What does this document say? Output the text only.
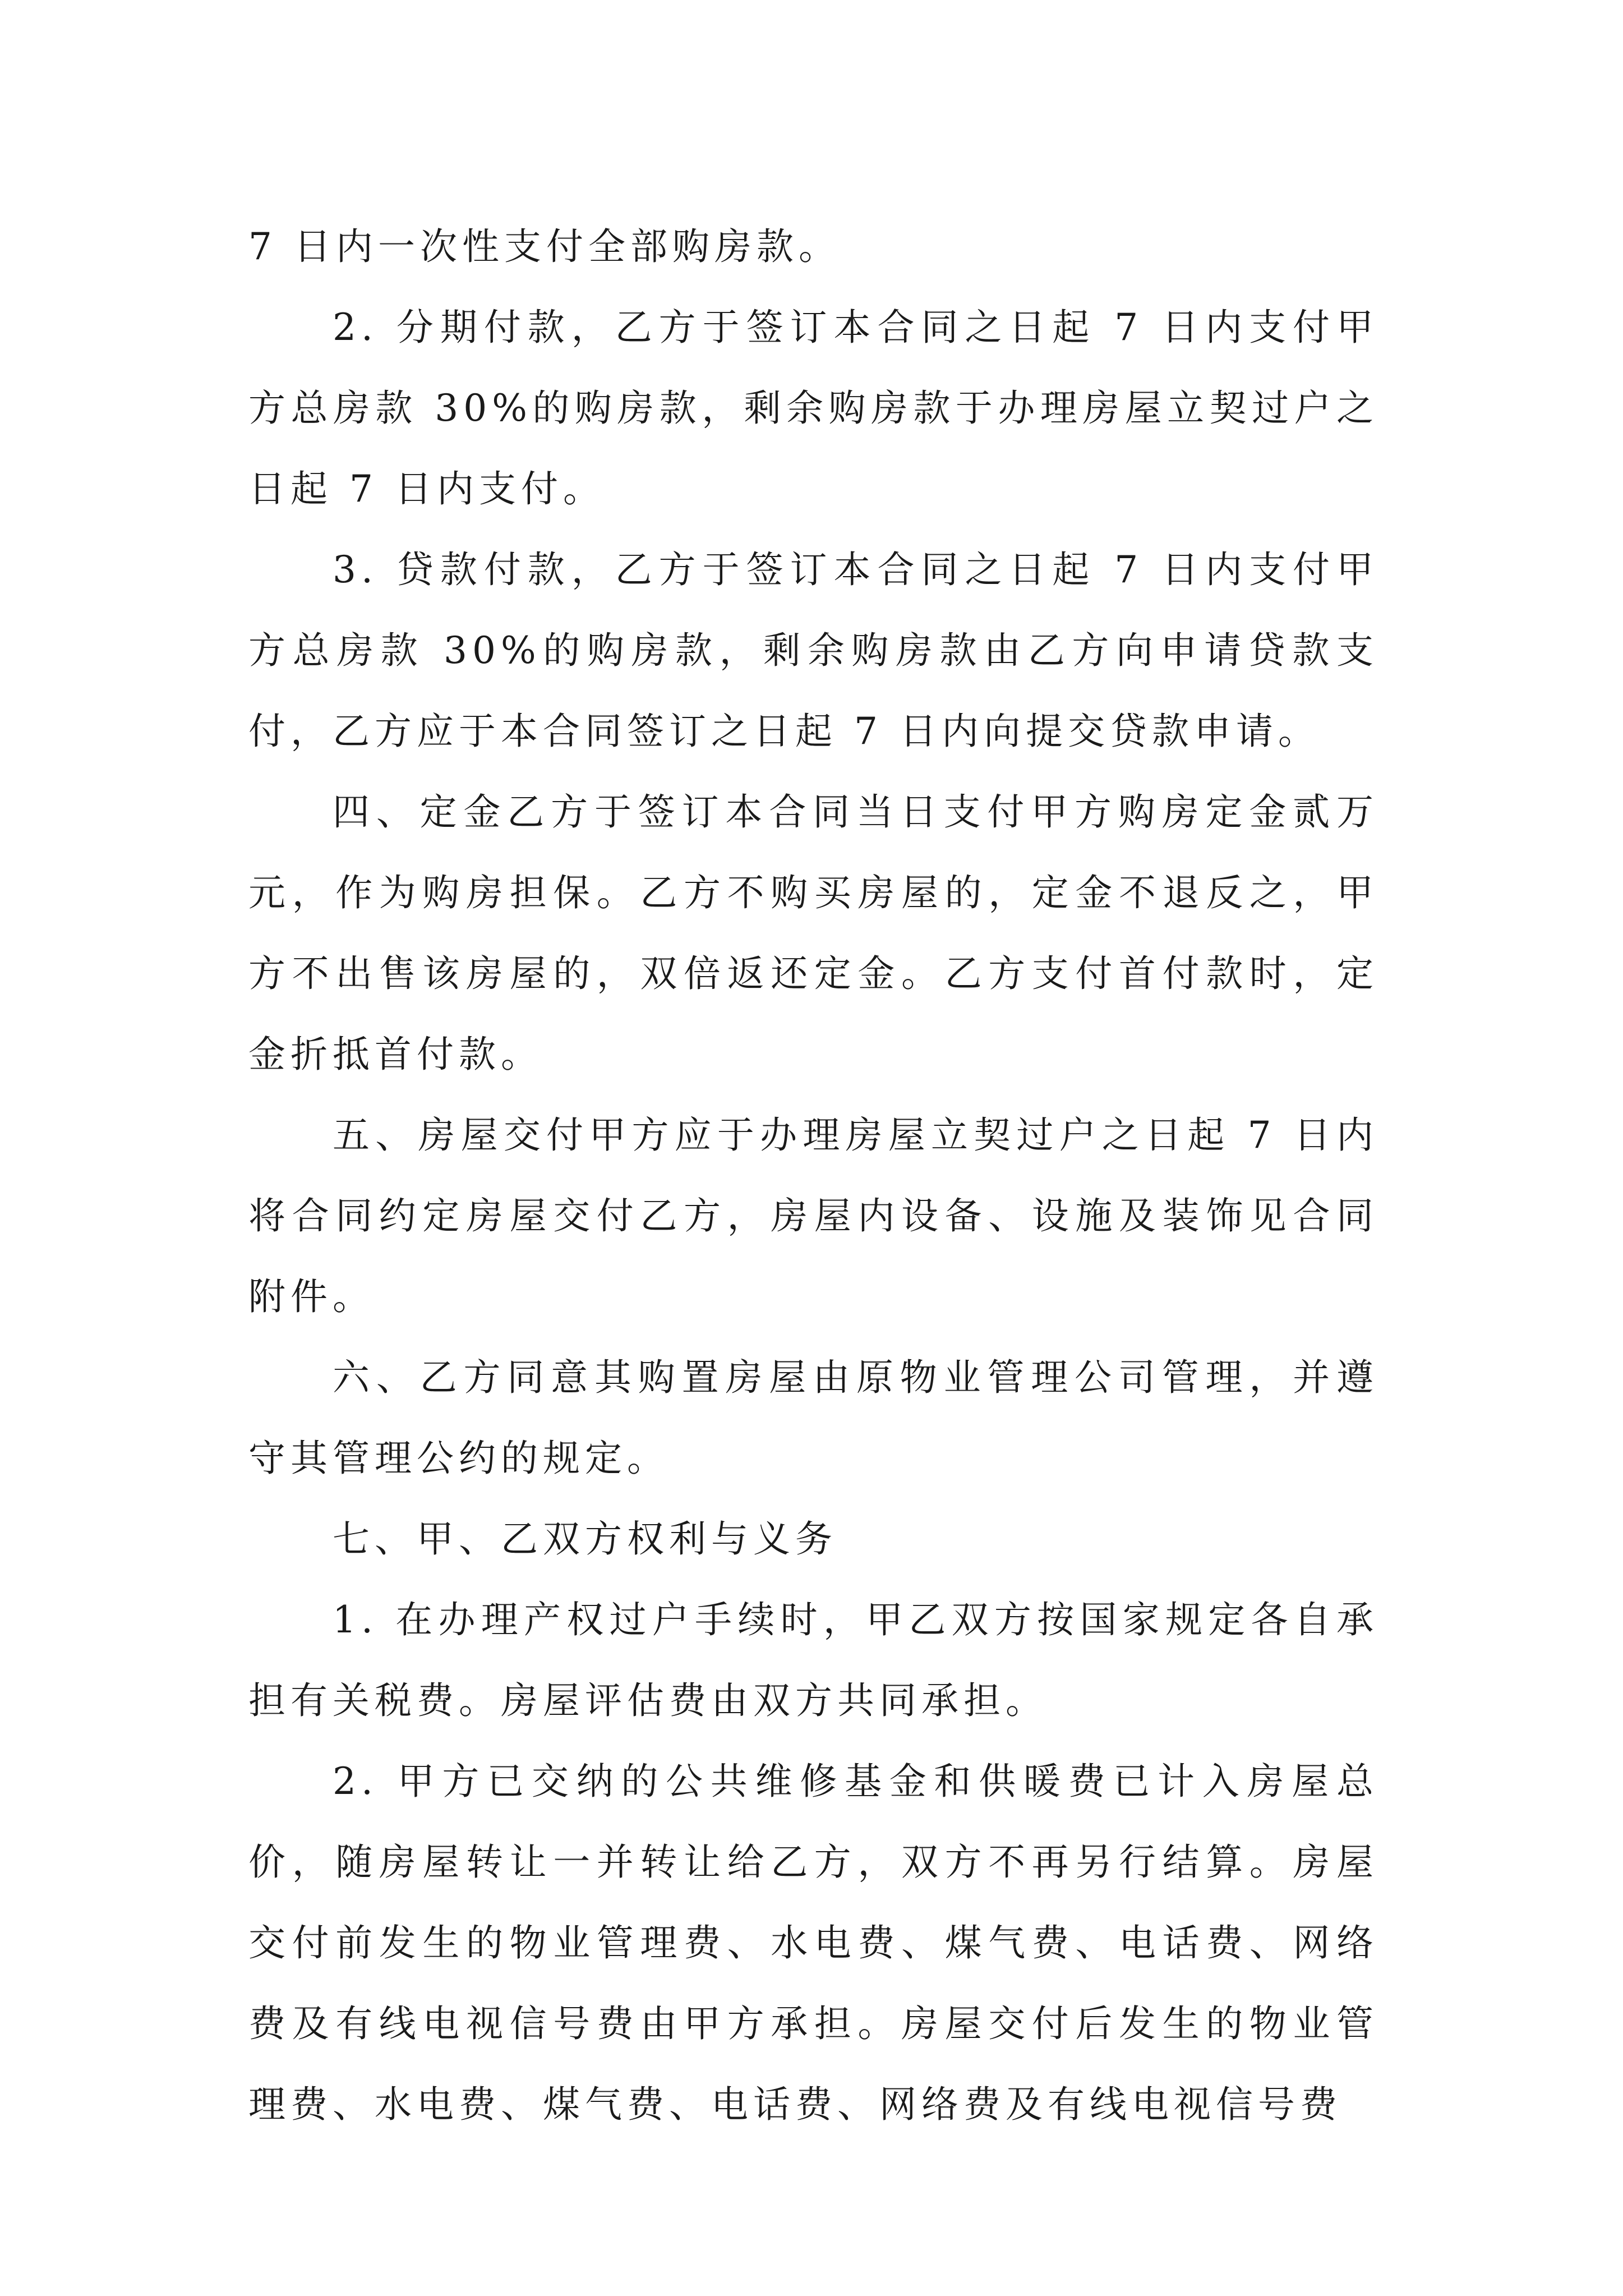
7 日内一次性支付全部购房款。

2. 分期付款，乙方于签订本合同之日起 7 日内支付甲方总房款 30%的购房款，剩余购房款于办理房屋立契过户之日起 7 日内支付。

3. 贷款付款，乙方于签订本合同之日起 7 日内支付甲方总房款 30%的购房款，剩余购房款由乙方向申请贷款支付，乙方应于本合同签订之日起 7 日内向提交贷款申请。

四、定金乙方于签订本合同当日支付甲方购房定金贰万元，作为购房担保。乙方不购买房屋的，定金不退反之，甲方不出售该房屋的，双倍返还定金。乙方支付首付款时，定金折抵首付款。

五、房屋交付甲方应于办理房屋立契过户之日起 7 日内将合同约定房屋交付乙方，房屋内设备、设施及装饰见合同附件。

六、乙方同意其购置房屋由原物业管理公司管理，并遵守其管理公约的规定。

七、甲、乙双方权利与义务

1. 在办理产权过户手续时，甲乙双方按国家规定各自承担有关税费。房屋评估费由双方共同承担。

2. 甲方已交纳的公共维修基金和供暖费已计入房屋总价，随房屋转让一并转让给乙方，双方不再另行结算。房屋交付前发生的物业管理费、水电费、煤气费、电话费、网络费及有线电视信号费由甲方承担。房屋交付后发生的物业管理费、水电费、煤气费、电话费、网络费及有线电视信号费
